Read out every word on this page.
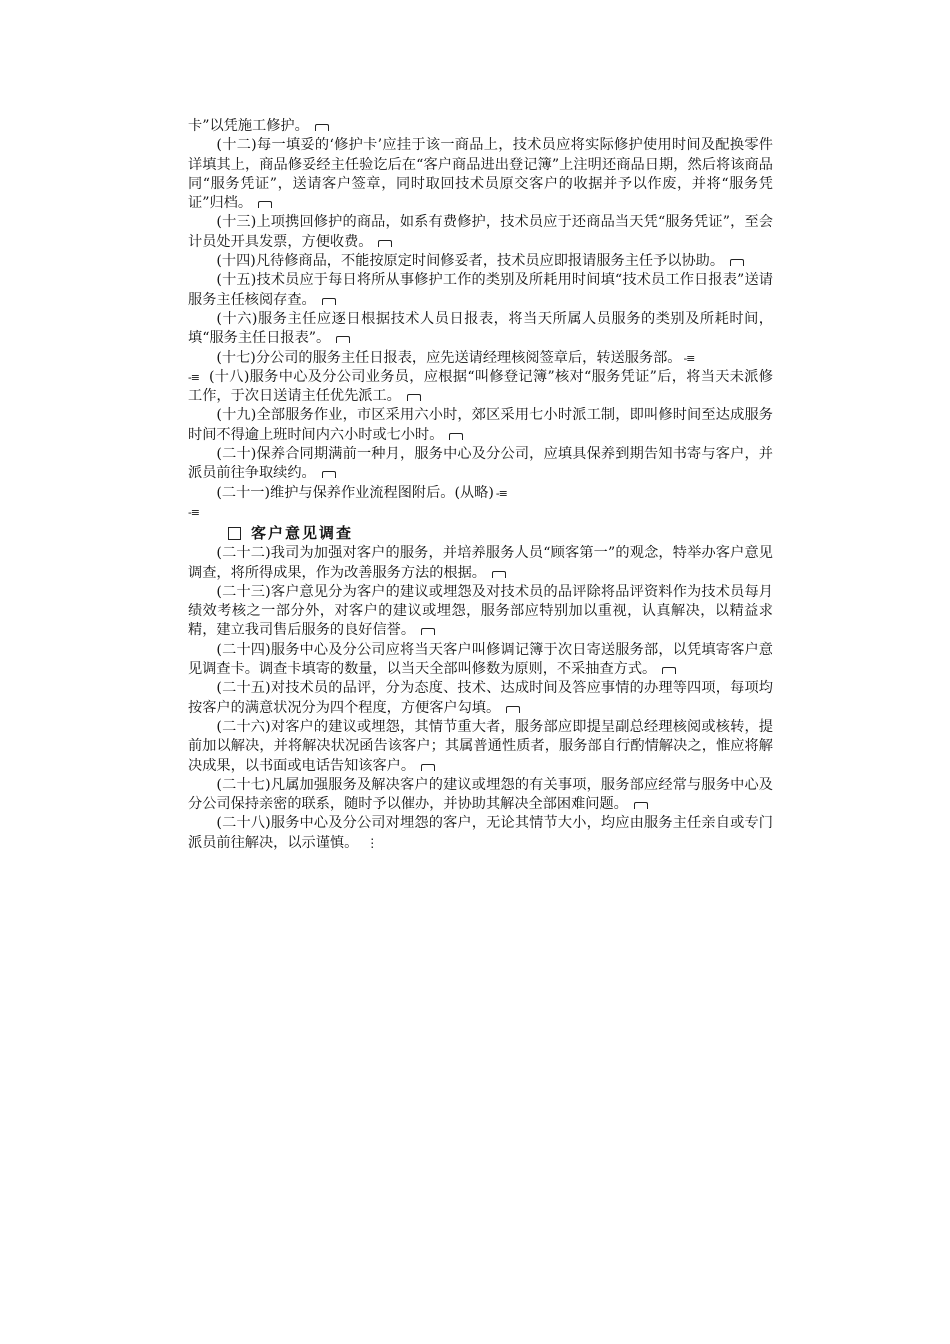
卡”以凭施工修护。

(十二)每一填妥的‘修护卡’应挂于该一商品上，技术员应将实际修护使用时间及配换零件详填其上，商品修妥经主任验讫后在“客户商品进出登记簿”上注明还商品日期，然后将该商品同“服务凭证”，送请客户签章，同时取回技术员原交客户的收据并予以作废，并将“服务凭证”归档。

(十三)上项携回修护的商品，如系有费修护，技术员应于还商品当天凭“服务凭证”，至会计员处开具发票，方便收费。

(十四)凡待修商品，不能按原定时间修妥者，技术员应即报请服务主任予以协助。

(十五)技术员应于每日将所从事修护工作的类别及所耗用时间填“技术员工作日报表”送请服务主任核阅存查。

(十六)服务主任应逐日根据技术人员日报表，将当天所属人员服务的类别及所耗时间，填“服务主任日报表”。

(十七)分公司的服务主任日报表，应先送请经理核阅签章后，转送服务部。 -≡

-≡ (十八)服务中心及分公司业务员，应根据“叫修登记簿”核对“服务凭证”后，将当天未派修工作，于次日送请主任优先派工。

(十九)全部服务作业，市区采用六小时，郊区采用七小时派工制，即叫修时间至达成服务时间不得逾上班时间内六小时或七小时。

(二十)保养合同期满前一种月，服务中心及分公司，应填具保养到期告知书寄与客户，并派员前往争取续约。

(二十一)维护与保养作业流程图附后。(从略) -≡

-≡
客户意见调查

(二十二)我司为加强对客户的服务，并培养服务人员“顾客第一”的观念，特举办客户意见调查，将所得成果，作为改善服务方法的根据。

(二十三)客户意见分为客户的建议或埋怨及对技术员的品评除将品评资料作为技术员每月绩效考核之一部分外，对客户的建议或埋怨，服务部应特别加以重视，认真解决，以精益求精，建立我司售后服务的良好信誉。

(二十四)服务中心及分公司应将当天客户叫修调记簿于次日寄送服务部，以凭填寄客户意见调查卡。调查卡填寄的数量，以当天全部叫修数为原则，不采抽查方式。

(二十五)对技术员的品评，分为态度、技术、达成时间及答应事情的办理等四项，每项均按客户的满意状况分为四个程度，方便客户勾填。

(二十六)对客户的建议或埋怨，其情节重大者，服务部应即提呈副总经理核阅或核转，提前加以解决，并将解决状况函告该客户；其属普通性质者，服务部自行酌情解决之，惟应将解决成果，以书面或电话告知该客户。

(二十七)凡属加强服务及解决客户的建议或埋怨的有关事项，服务部应经常与服务中心及分公司保持亲密的联系，随时予以催办，并协助其解决全部困难问题。

(二十八)服务中心及分公司对埋怨的客户，无论其情节大小，均应由服务主任亲自或专门派员前往解决，以示谨慎。 ⋮
